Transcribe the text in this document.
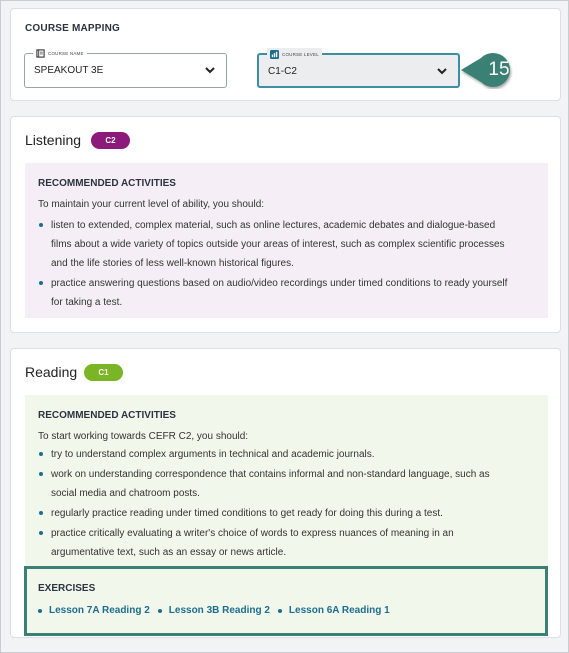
COURSE MAPPING
COURSE NAME
SPEAKOUT 3E
COURSE LEVEL
C1-C2	15
Listening	C2
RECOMMENDED ACTIVITIES
To maintain your current level of ability, you should:
listen to extended, complex material, such as online lectures, academic debates and dialogue-based
films about a wide variety of topics outside your areas of interest, such as complex scientific processes
and the life stories of less well-known historical figures.
practice answering questions based on audio/video recordings under timed conditions to ready yourself
for taking a test.
Reading	C1
RECOMMENDED ACTIVITIES
To start working towards CEFR C2, you should:
try to understand complex arguments in technical and academic journals.
work on understanding correspondence that contains informal and non-standard language, such as
social media and chatroom posts.
regularly practice reading under timed conditions to get ready for doing this during a test.
practice critically evaluating a writer's choice of words to express nuances of meaning in an
argumentative text, such as an essay or news article.
EXERCISES
Lesson 7A Reading 2 Lesson 3B Reading 2 Lesson 6A Reading 1
